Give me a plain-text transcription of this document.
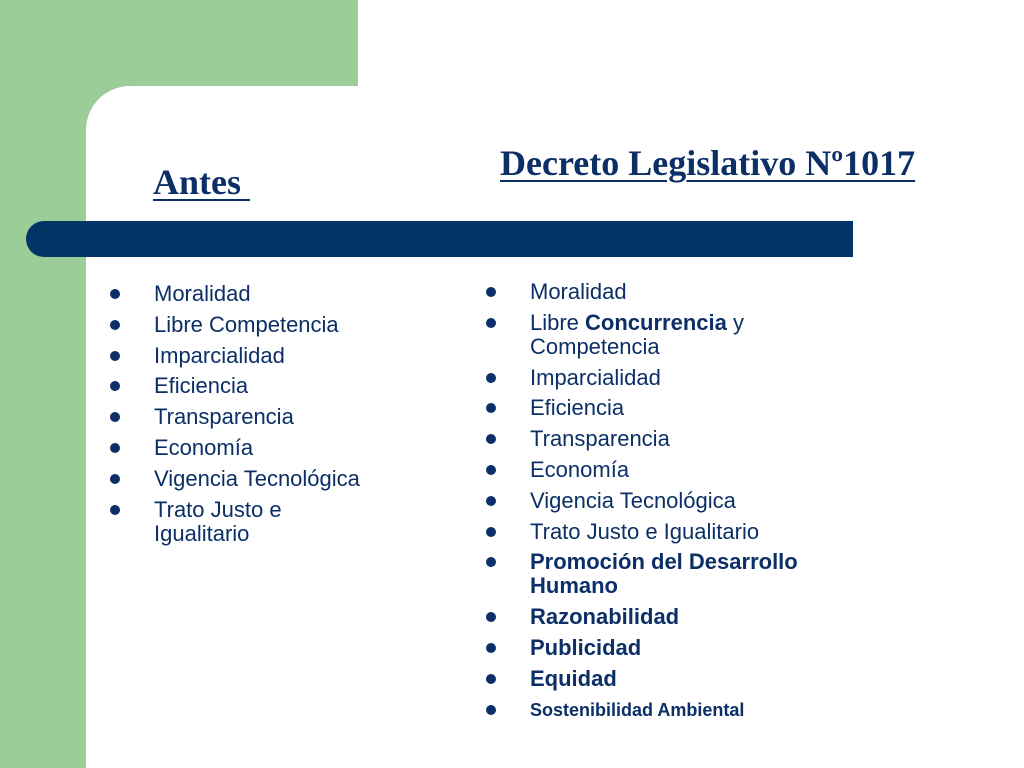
Antes	Decreto Legislativo Nº1017
Moralidad
Libre Competencia
Imparcialidad
Eficiencia
Transparencia
Economía
Vigencia Tecnológica
Trato Justo e Igualitario
Moralidad
Libre Concurrencia y Competencia
Imparcialidad
Eficiencia
Transparencia
Economía
Vigencia Tecnológica
Trato Justo e Igualitario
Promoción del Desarrollo Humano
Razonabilidad
Publicidad
Equidad
Sostenibilidad Ambiental
